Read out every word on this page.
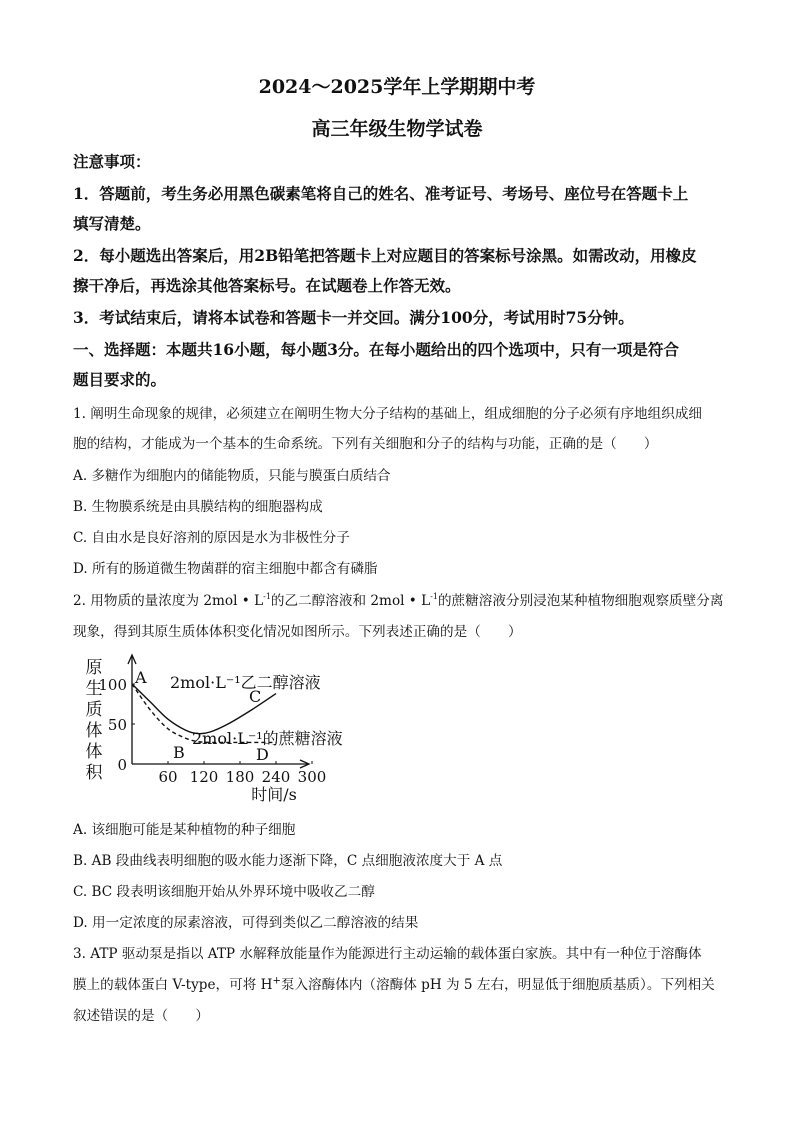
2024～2025学年上学期期中考
高三年级生物学试卷
注意事项：
1．答题前，考生务必用黑色碳素笔将自己的姓名、准考证号、考场号、座位号在答题卡上
填写清楚。
2．每小题选出答案后，用2B铅笔把答题卡上对应题目的答案标号涂黑。如需改动，用橡皮
擦干净后，再选涂其他答案标号。在试题卷上作答无效。
3．考试结束后，请将本试卷和答题卡一并交回。满分100分，考试用时75分钟。
一、选择题：本题共16小题，每小题3分。在每小题给出的四个选项中，只有一项是符合
题目要求的。
1. 阐明生命现象的规律，必须建立在阐明生物大分子结构的基础上，组成细胞的分子必须有序地组织成细
胞的结构，才能成为一个基本的生命系统。下列有关细胞和分子的结构与功能，正确的是（　　）
A. 多糖作为细胞内的储能物质，只能与膜蛋白质结合
B. 生物膜系统是由具膜结构的细胞器构成
C. 自由水是良好溶剂的原因是水为非极性分子
D. 所有的肠道微生物菌群的宿主细胞中都含有磷脂
2. 用物质的量浓度为 2mol • $L^{-1}$的乙二醇溶液和 2mol • $L^{-1}$的蔗糖溶液分别浸泡某种植物细胞观察质壁分离
现象，得到其原生质体体积变化情况如图所示。下列表述正确的是（　　）
0
50
100
60 120 180 240 300
原
生
质
体
体
积
时间/s
2mol·L⁻¹乙二醇溶液
2mol·L⁻¹的蔗糖溶液
A
B
C
D
A. 该细胞可能是某种植物的种子细胞
B. AB 段曲线表明细胞的吸水能力逐渐下降，C 点细胞液浓度大于 A 点
C. BC 段表明该细胞开始从外界环境中吸收乙二醇
D. 用一定浓度的尿素溶液，可得到类似乙二醇溶液的结果
3. ATP 驱动泵是指以 ATP 水解释放能量作为能源进行主动运输的载体蛋白家族。其中有一种位于溶酶体
膜上的载体蛋白 V-type，可将 H+泵入溶酶体内（溶酶体 pH 为 5 左右，明显低于细胞质基质）。下列相关
叙述错误的是（　　）
